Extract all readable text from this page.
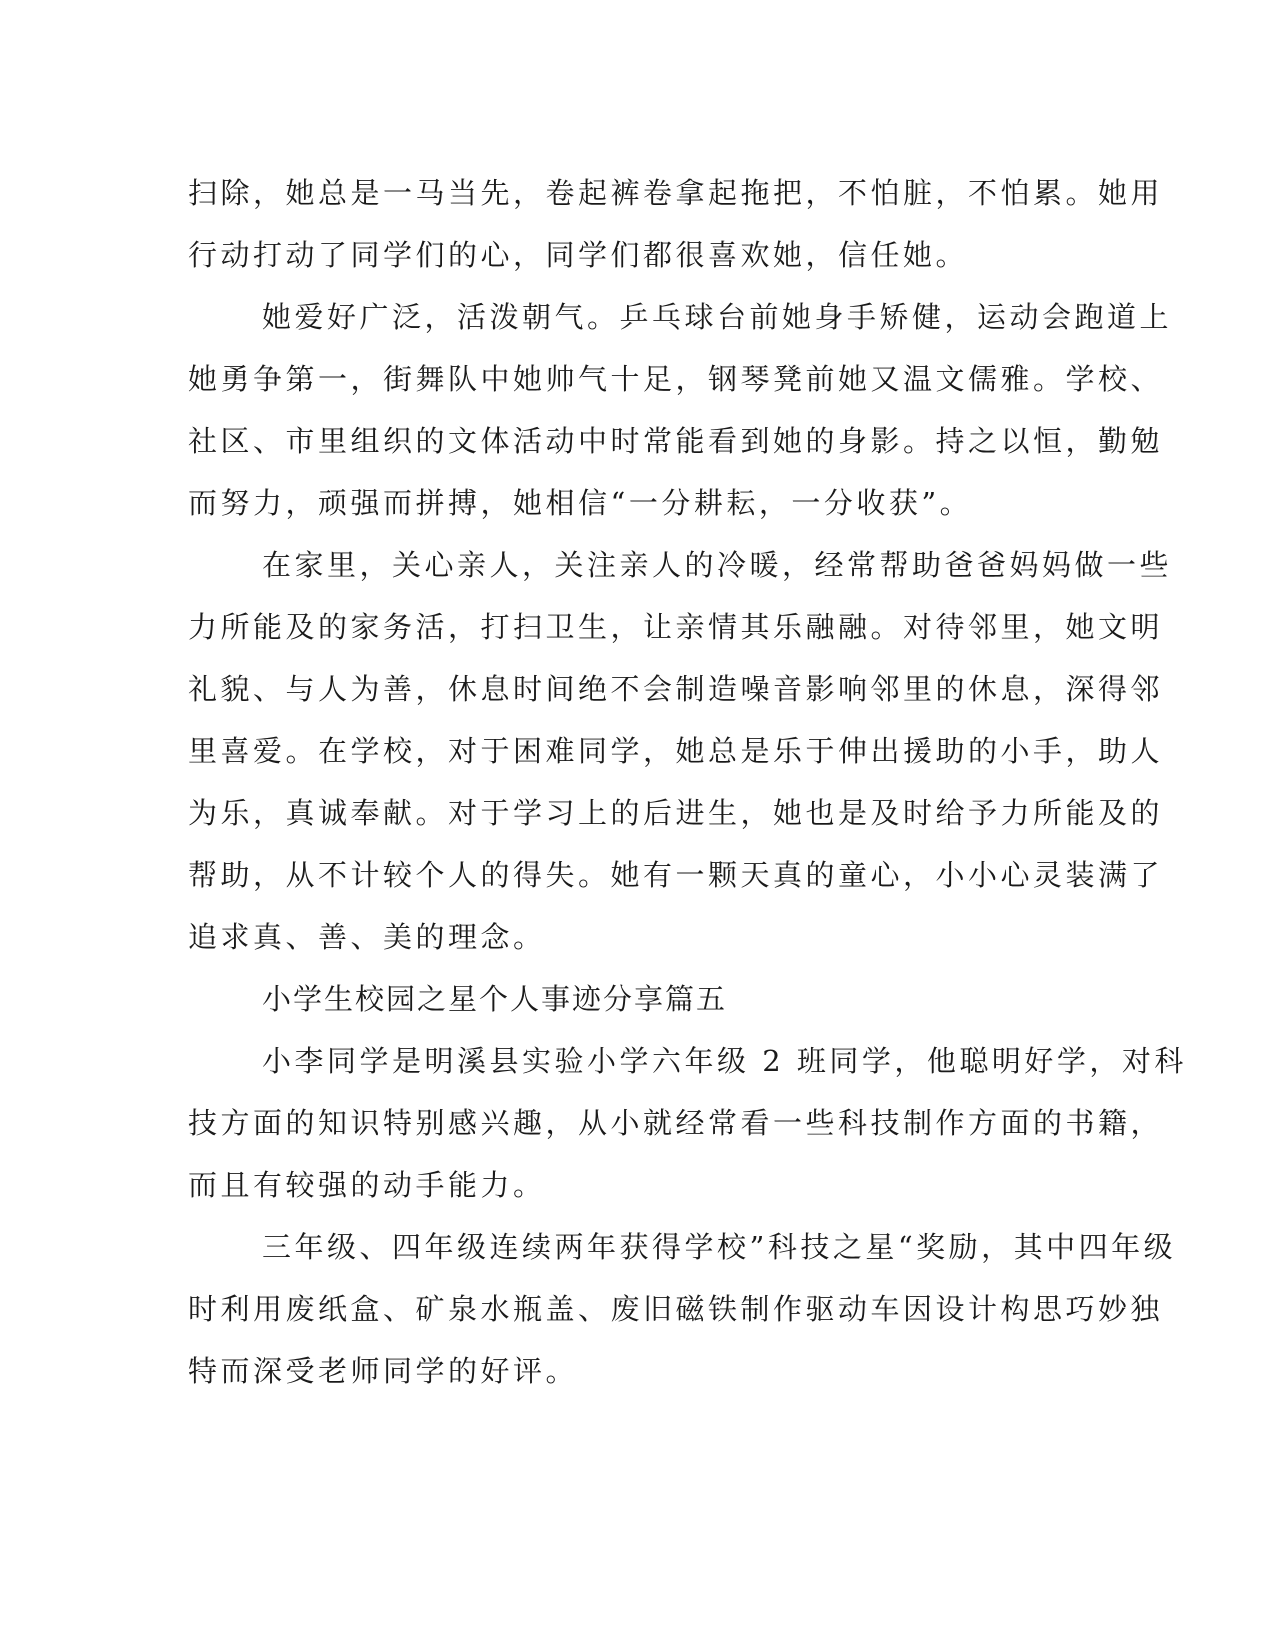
扫除，她总是一马当先，卷起裤卷拿起拖把，不怕脏，不怕累。她用
行动打动了同学们的心，同学们都很喜欢她，信任她。
她爱好广泛，活泼朝气。乒乓球台前她身手矫健，运动会跑道上
她勇争第一，街舞队中她帅气十足，钢琴凳前她又温文儒雅。学校、
社区、市里组织的文体活动中时常能看到她的身影。持之以恒，勤勉
而努力，顽强而拼搏，她相信“一分耕耘，一分收获”。
在家里，关心亲人，关注亲人的冷暖，经常帮助爸爸妈妈做一些
力所能及的家务活，打扫卫生，让亲情其乐融融。对待邻里，她文明
礼貌、与人为善，休息时间绝不会制造噪音影响邻里的休息，深得邻
里喜爱。在学校，对于困难同学，她总是乐于伸出援助的小手，助人
为乐，真诚奉献。对于学习上的后进生，她也是及时给予力所能及的
帮助，从不计较个人的得失。她有一颗天真的童心，小小心灵装满了
追求真、善、美的理念。
小学生校园之星个人事迹分享篇五
小李同学是明溪县实验小学六年级 2 班同学，他聪明好学，对科
技方面的知识特别感兴趣，从小就经常看一些科技制作方面的书籍，
而且有较强的动手能力。
三年级、四年级连续两年获得学校”科技之星“奖励，其中四年级
时利用废纸盒、矿泉水瓶盖、废旧磁铁制作驱动车因设计构思巧妙独
特而深受老师同学的好评。
